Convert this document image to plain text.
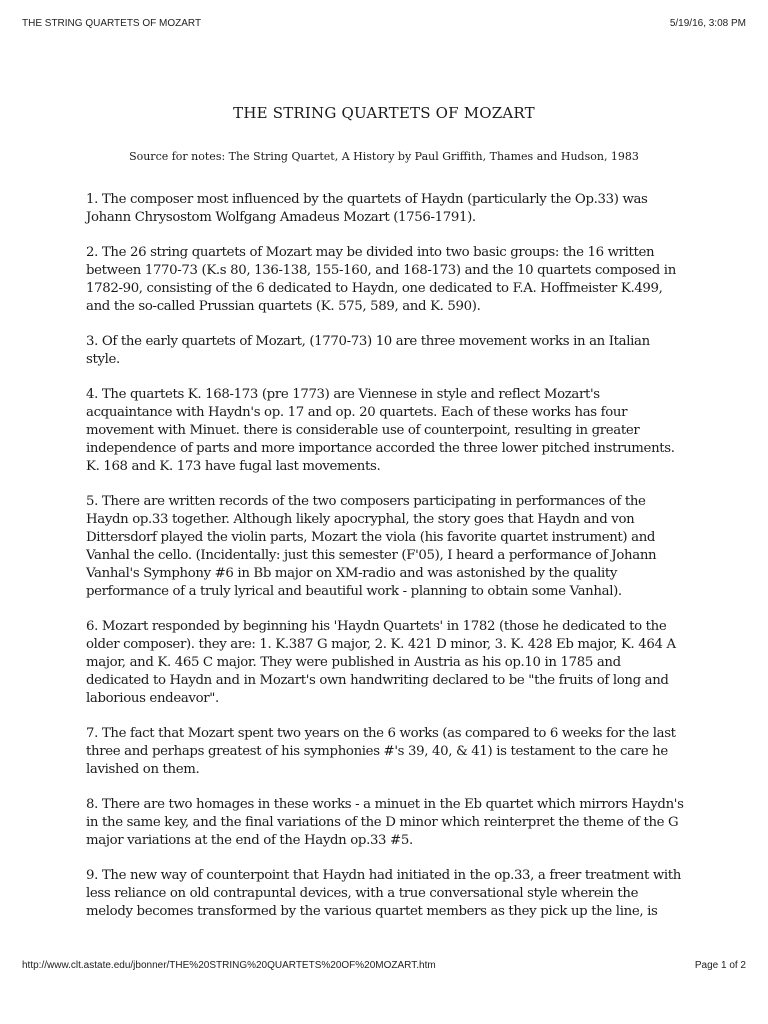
THE STRING QUARTETS OF MOZART	5/19/16, 3:08 PM
THE STRING QUARTETS OF MOZART
Source for notes: The String Quartet, A History by Paul Griffith, Thames and Hudson, 1983

1. The composer most influenced by the quartets of Haydn (particularly the Op.33) was Johann Chrysostom Wolfgang Amadeus Mozart (1756-1791).

2. The 26 string quartets of Mozart may be divided into two basic groups: the 16 written between 1770-73 (K.s 80, 136-138, 155-160, and 168-173) and the 10 quartets composed in 1782-90, consisting of the 6 dedicated to Haydn, one dedicated to F.A. Hoffmeister K.499, and the so-called Prussian quartets (K. 575, 589, and K. 590).

3. Of the early quartets of Mozart, (1770-73) 10 are three movement works in an Italian style.

4. The quartets K. 168-173 (pre 1773) are Viennese in style and reflect Mozart's acquaintance with Haydn's op. 17 and op. 20 quartets. Each of these works has four movement with Minuet. there is considerable use of counterpoint, resulting in greater independence of parts and more importance accorded the three lower pitched instruments. K. 168 and K. 173 have fugal last movements.

5. There are written records of the two composers participating in performances of the Haydn op.33 together. Although likely apocryphal, the story goes that Haydn and von Dittersdorf played the violin parts, Mozart the viola (his favorite quartet instrument) and Vanhal the cello. (Incidentally: just this semester (F'05), I heard a performance of Johann Vanhal's Symphony #6 in Bb major on XM-radio and was astonished by the quality performance of a truly lyrical and beautiful work - planning to obtain some Vanhal).

6. Mozart responded by beginning his 'Haydn Quartets' in 1782 (those he dedicated to the older composer). they are: 1. K.387 G major, 2. K. 421 D minor, 3. K. 428 Eb major, K. 464 A major, and K. 465 C major. They were published in Austria as his op.10 in 1785 and dedicated to Haydn and in Mozart's own handwriting declared to be "the fruits of long and laborious endeavor".

7. The fact that Mozart spent two years on the 6 works (as compared to 6 weeks for the last three and perhaps greatest of his symphonies #'s 39, 40, & 41) is testament to the care he lavished on them.

8. There are two homages in these works - a minuet in the Eb quartet which mirrors Haydn's in the same key, and the final variations of the D minor which reinterpret the theme of the G major variations at the end of the Haydn op.33 #5.

9. The new way of counterpoint that Haydn had initiated in the op.33, a freer treatment with less reliance on old contrapuntal devices, with a true conversational style wherein the melody becomes transformed by the various quartet members as they pick up the line, is

http://www.clt.astate.edu/jbonner/THE%20STRING%20QUARTETS%20OF%20MOZART.htm	Page 1 of 2
